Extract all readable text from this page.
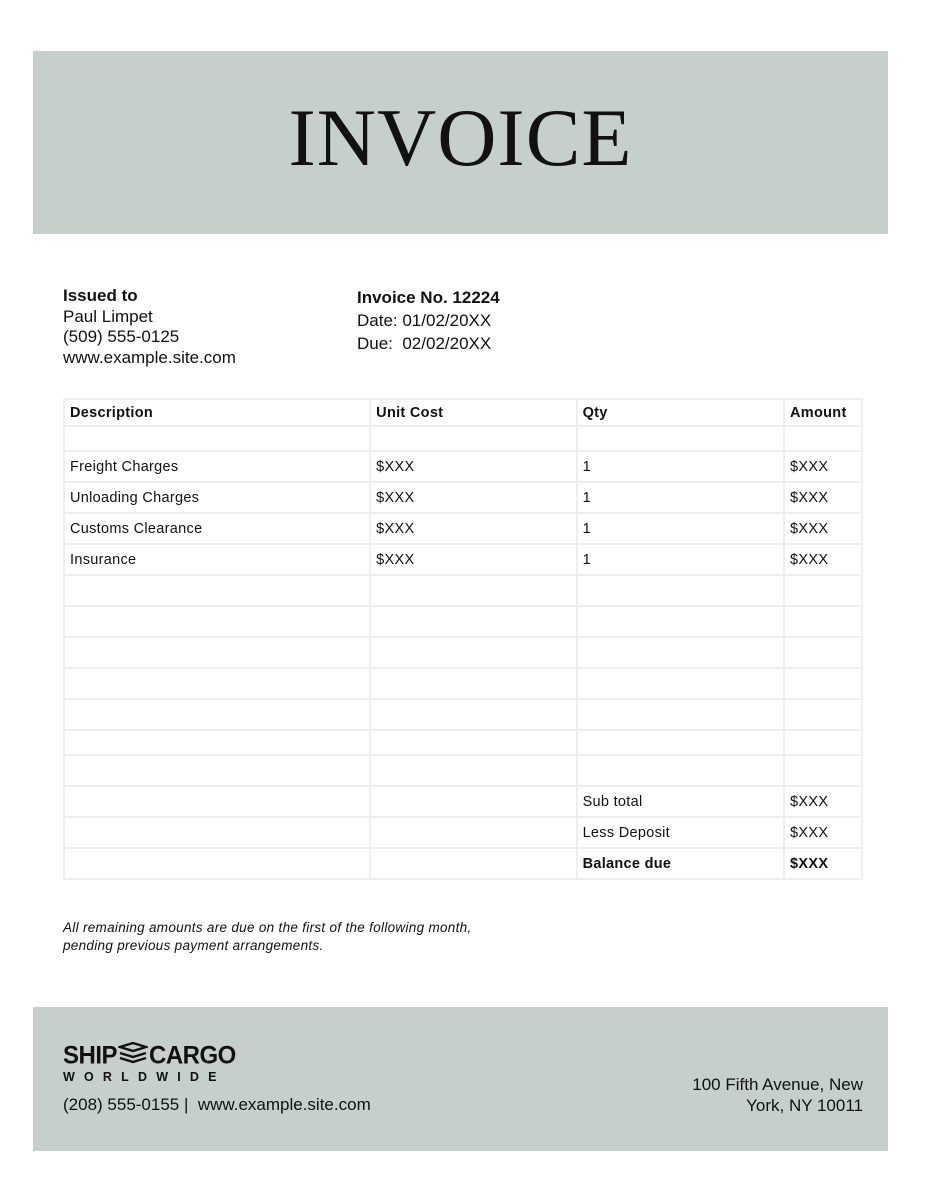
INVOICE
Issued to
Paul Limpet
(509) 555-0125
www.example.site.com
Invoice No. 12224
Date: 01/02/20XX
Due:  02/02/20XX
Description	Unit Cost	Qty	Amount

Freight Charges	$XXX	1	$XXX
Unloading Charges	$XXX	1	$XXX
Customs Clearance	$XXX	1	$XXX
Insurance	$XXX	1	$XXX

		Sub total	$XXX
		Less Deposit	$XXX
		Balance due	$XXX
All remaining amounts are due on the first of the following month,
pending previous payment arrangements.
SHIP CARGO
WORLDWIDE
(208) 555-0155 |  www.example.site.com
100 Fifth Avenue, New
York, NY 10011
